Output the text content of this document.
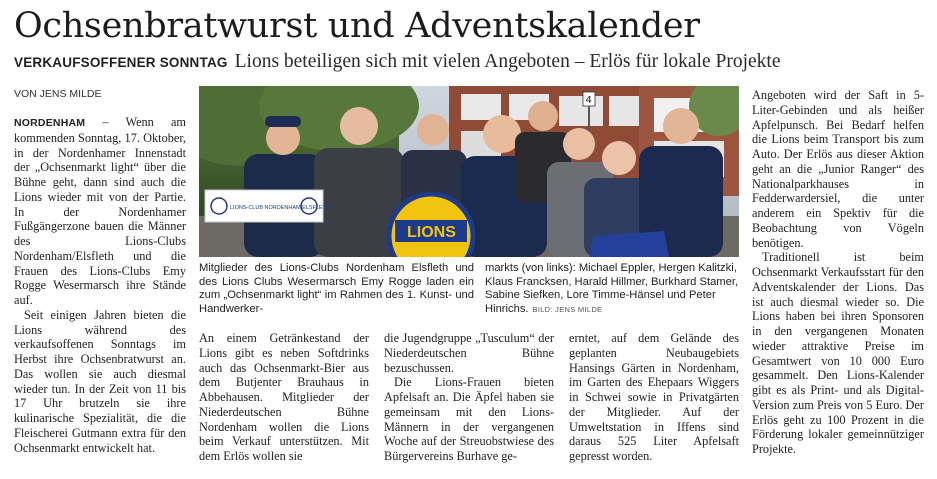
Ochsenbratwurst und Adventskalender
VERKAUFSOFFENER SONNTAG Lions beteiligen sich mit vielen Angeboten – Erlös für lokale Projekte
VON JENS MILDE

NORDENHAM – Wenn am kommenden Sonntag, 17. Oktober, in der Nordenhamer Innenstadt der „Ochsenmarkt light“ über die Bühne geht, dann sind auch die Lions wieder mit von der Partie. In der Nordenhamer Fußgängerzone bauen die Männer des Lions-Clubs Nordenham/Elsfleth und die Frauen des Lions-Clubs Emy Rogge Wesermarsch ihre Stände auf.

Seit einigen Jahren bieten die Lions während des verkaufsoffenen Sonntags im Herbst ihre Ochsenbratwurst an. Das wollen sie auch diesmal wieder tun. In der Zeit von 11 bis 17 Uhr brutzeln sie ihre kulinarische Spezialität, die die Fleischerei Gutmann extra für den Ochsenmarkt entwickelt hat.

4
LIONS-CLUB NORDENHAM/ELSFLETH
LIONS
Mitglieder des Lions-Clubs Nordenham Elsfleth und des Lions Clubs Wesermarsch Emy Rogge laden ein zum „Ochsenmarkt light“ im Rahmen des 1. Kunst- und Handwerker-
markts (von links): Michael Eppler, Hergen Kalitzki, Klaus Francksen, Harald Hillmer, Burkhard Stamer, Sabine Siefken, Lore Timme-Hänsel und Peter Hinrichs. BILD: JENS MILDE

An einem Getränkestand der Lions gibt es neben Softdrinks auch das Ochsenmarkt-Bier aus dem Butjenter Brauhaus in Abbehausen. Mitglieder der Niederdeutschen Bühne Nordenham wollen die Lions beim Verkauf unterstützen. Mit dem Erlös wollen sie

die Jugendgruppe „Tusculum“ der Niederdeutschen Bühne bezuschussen.

Die Lions-Frauen bieten Apfelsaft an. Die Äpfel haben sie gemeinsam mit den Lions-Männern in der vergangenen Woche auf der Streuobstwiese des Bürgervereins Burhave ge-

erntet, auf dem Gelände des geplanten Neubaugebiets Hansings Gärten in Nordenham, im Garten des Ehepaars Wiggers in Schwei sowie in Privatgärten der Mitglieder. Auf der Umweltstation in Iffens sind daraus 525 Liter Apfelsaft gepresst worden.

Angeboten wird der Saft in 5-Liter-Gebinden und als heißer Apfelpunsch. Bei Bedarf helfen die Lions beim Transport bis zum Auto. Der Erlös aus dieser Aktion geht an die „Junior Ranger“ des Nationalparkhauses in Fedderwardersiel, die unter anderem ein Spektiv für die Beobachtung von Vögeln benötigen.

Traditionell ist beim Ochsenmarkt Verkaufsstart für den Adventskalender der Lions. Das ist auch diesmal wieder so. Die Lions haben bei ihren Sponsoren in den vergangenen Monaten wieder attraktive Preise im Gesamtwert von 10 000 Euro gesammelt. Den Lions-Kalender gibt es als Print- und als Digital-Version zum Preis von 5 Euro. Der Erlös geht zu 100 Prozent in die Förderung lokaler gemeinnütziger Projekte.
